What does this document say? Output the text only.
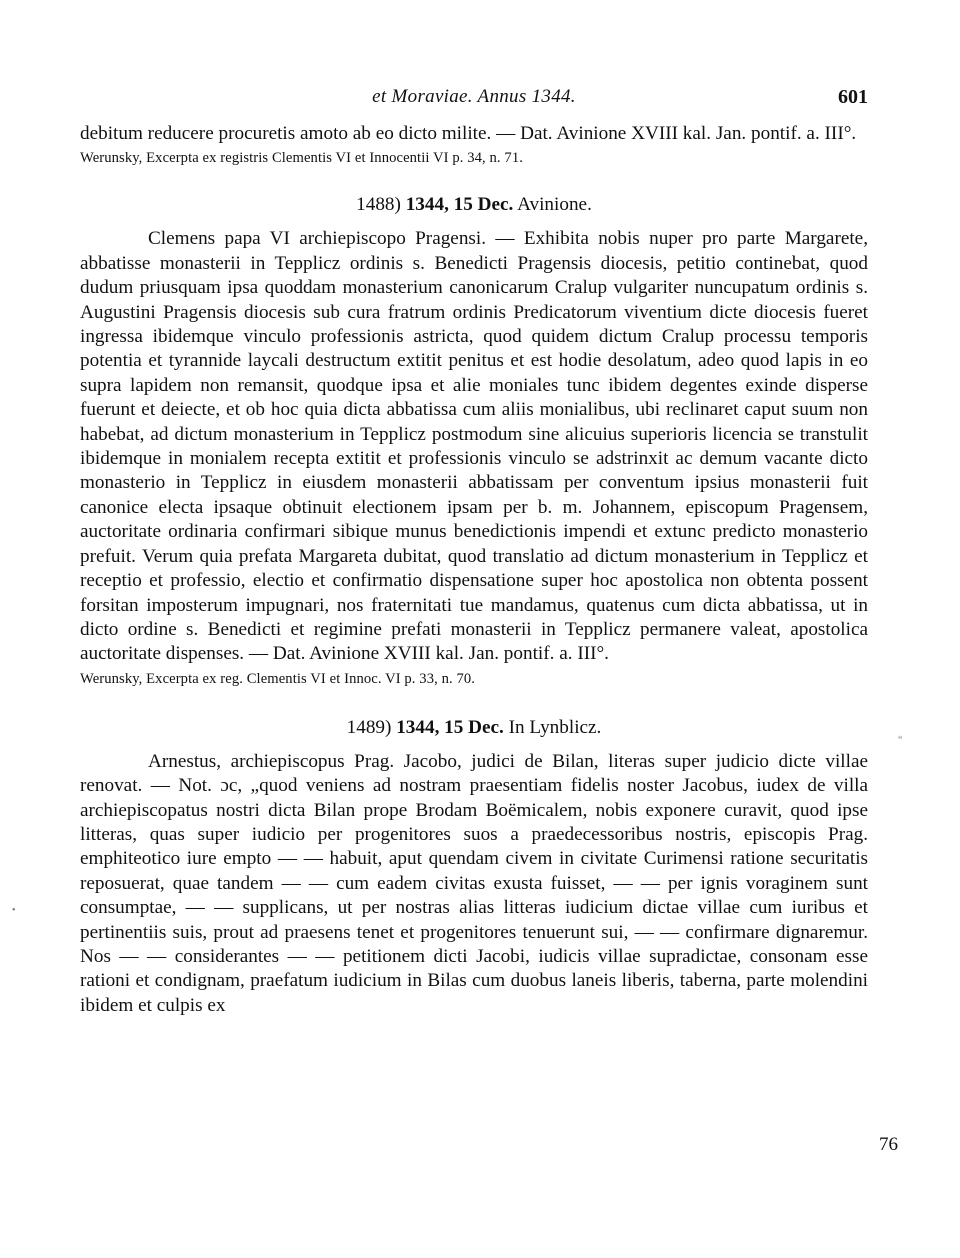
et Moraviae. Annus 1344.	601

debitum reducere procuretis amoto ab eo dicto milite. — Dat. Avinione XVIII kal. Jan. pontif. a. III°.

Werunsky, Excerpta ex registris Clementis VI et Innocentii VI p. 34, n. 71.

1488) 1344, 15 Dec. Avinione.

Clemens papa VI archiepiscopo Pragensi. — Exhibita nobis nuper pro parte Margarete, abbatisse monasterii in Tepplicz ordinis s. Benedicti Pragensis diocesis, petitio continebat, quod dudum priusquam ipsa quoddam monasterium canonicarum Cralup vulgariter nuncupatum ordinis s. Augustini Pragensis diocesis sub cura fratrum ordinis Predicatorum viventium dicte diocesis fueret ingressa ibidemque vinculo professionis astricta, quod quidem dictum Cralup processu temporis potentia et tyrannide laycali destructum extitit penitus et est hodie desolatum, adeo quod lapis in eo supra lapidem non remansit, quodque ipsa et alie moniales tunc ibidem degentes exinde disperse fuerunt et deiecte, et ob hoc quia dicta abbatissa cum aliis monialibus, ubi reclinaret caput suum non habebat, ad dictum monasterium in Tepplicz postmodum sine alicuius superioris licencia se transtulit ibidemque in monialem recepta extitit et professionis vinculo se adstrinxit ac demum vacante dicto monasterio in Tepplicz in eiusdem monasterii abbatissam per conventum ipsius monasterii fuit canonice electa ipsaque obtinuit electionem ipsam per b. m. Johannem, episcopum Pragensem, auctoritate ordinaria confirmari sibique munus benedictionis impendi et extunc predicto monasterio prefuit. Verum quia prefata Margareta dubitat, quod translatio ad dictum monasterium in Tepplicz et receptio et professio, electio et confirmatio dispensatione super hoc apostolica non obtenta possent forsitan imposterum impugnari, nos fraternitati tue mandamus, quatenus cum dicta abbatissa, ut in dicto ordine s. Benedicti et regimine prefati monasterii in Tepplicz permanere valeat, apostolica auctoritate dispenses. — Dat. Avinione XVIII kal. Jan. pontif. a. III°.

Werunsky, Excerpta ex reg. Clementis VI et Innoc. VI p. 33, n. 70.

1489) 1344, 15 Dec. In Lynblicz.

Arnestus, archiepiscopus Prag. Jacobo, judici de Bilan, literas super judicio dicte villae renovat. — Not. ɔc, „quod veniens ad nostram praesentiam fidelis noster Jacobus, iudex de villa archiepiscopatus nostri dicta Bilan prope Brodam Boëmicalem, nobis exponere curavit, quod ipse litteras, quas super iudicio per progenitores suos a praedecessoribus nostris, episcopis Prag. emphiteotico iure empto — — habuit, aput quendam civem in civitate Curimensi ratione securitatis reposuerat, quae tandem — — cum eadem civitas exusta fuisset, — — per ignis voraginem sunt consumptae, — — supplicans, ut per nostras alias litteras iudicium dictae villae cum iuribus et pertinentiis suis, prout ad praesens tenet et progenitores tenuerunt sui, — — confirmare dignaremur. Nos — — considerantes — — petitionem dicti Jacobi, iudicis villae supradictae, consonam esse rationi et condignam, praefatum iudicium in Bilas cum duobus laneis liberis, taberna, parte molendini ibidem et culpis ex

76
“
•
